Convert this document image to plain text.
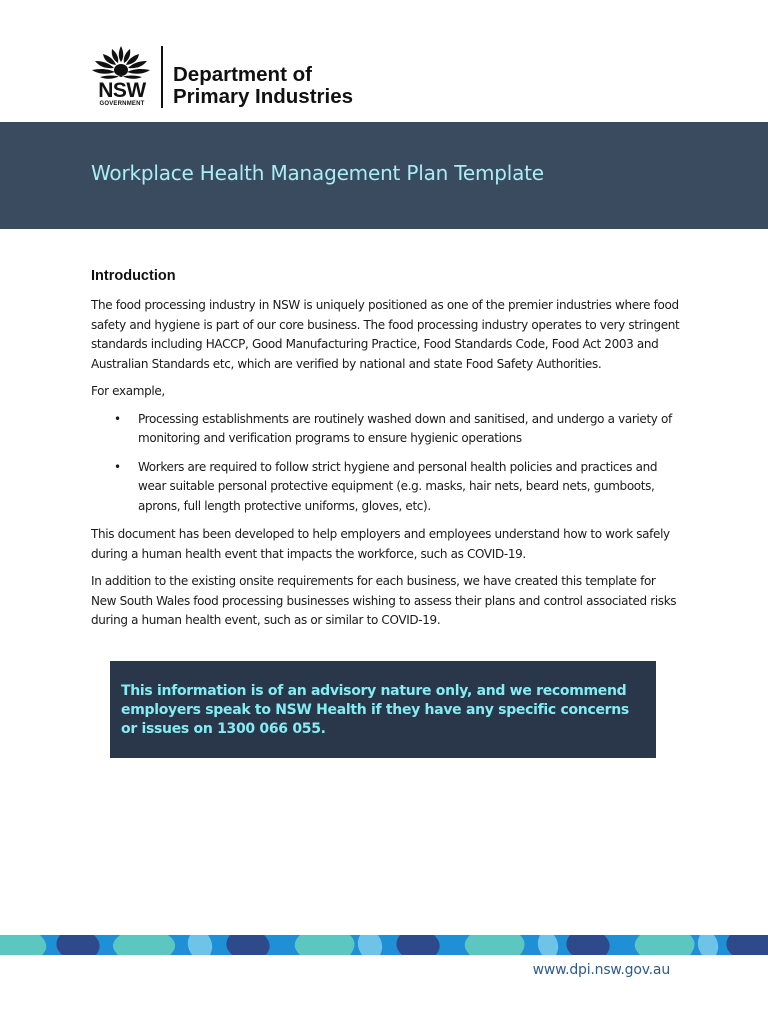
NSW
GOVERNMENT
Department of
Primary Industries
Workplace Health Management Plan Template
Introduction

The food processing industry in NSW is uniquely positioned as one of the premier industries where food safety and hygiene is part of our core business. The food processing industry operates to very stringent standards including HACCP, Good Manufacturing Practice, Food Standards Code, Food Act 2003 and Australian Standards etc, which are verified by national and state Food Safety Authorities.

For example,

• Processing establishments are routinely washed down and sanitised, and undergo a variety of monitoring and verification programs to ensure hygienic operations
• Workers are required to follow strict hygiene and personal health policies and practices and wear suitable personal protective equipment (e.g. masks, hair nets, beard nets, gumboots, aprons, full length protective uniforms, gloves, etc).

This document has been developed to help employers and employees understand how to work safely during a human health event that impacts the workforce, such as COVID-19.

In addition to the existing onsite requirements for each business, we have created this template for New South Wales food processing businesses wishing to assess their plans and control associated risks during a human health event, such as or similar to COVID-19.

This information is of an advisory nature only, and we recommend employers speak to NSW Health if they have any specific concerns or issues on 1300 066 055.

www.dpi.nsw.gov.au
